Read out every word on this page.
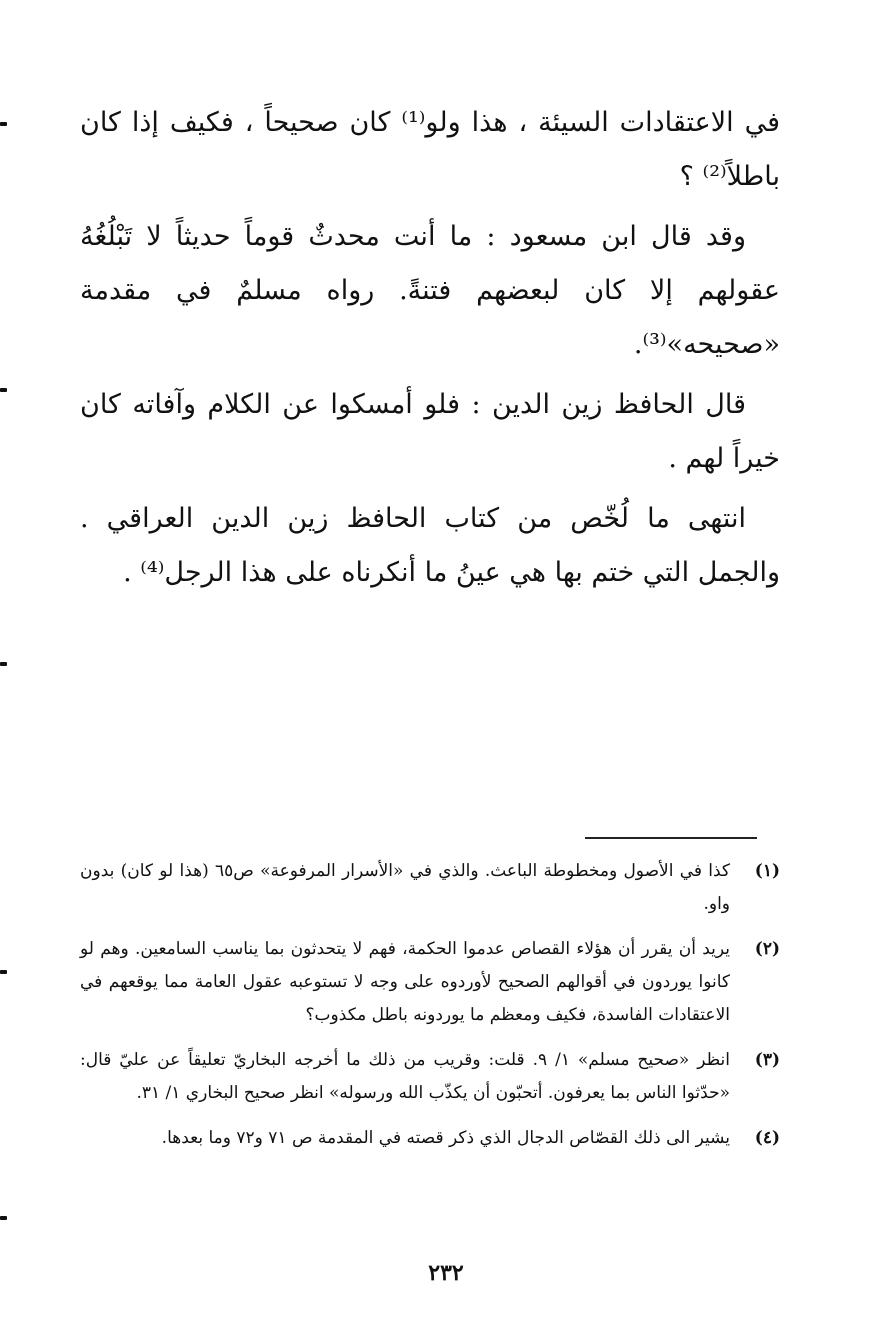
في الاعتقادات السيئة ، هذا ولو⁽¹⁾ كان صحيحاً ، فكيف إذا كان باطلاً⁽²⁾ ؟

وقد قال ابن مسعود : ما أنت محدثٌ قوماً حديثاً لا تَبْلُغُهُ عقولهم إلا كان لبعضهم فتنةً. رواه مسلمٌ في مقدمة «صحيحه»⁽³⁾.

قال الحافظ زين الدين : فلو أمسكوا عن الكلام وآفاته كان خيراً لهم .

انتهى ما لُخّص من كتاب الحافظ زين الدين العراقي . والجمل التي ختم بها هي عينُ ما أنكرناه على هذا الرجل⁽⁴⁾ .

(١)
كذا في الأصول ومخطوطة الباعث. والذي في «الأسرار المرفوعة» ص٦٥ (هذا لو كان) بدون واو.
(٢)
يريد أن يقرر أن هؤلاء القصاص عدموا الحكمة، فهم لا يتحدثون بما يناسب السامعين. وهم لو كانوا يوردون في أقوالهم الصحيح لأوردوه على وجه لا تستوعبه عقول العامة مما يوقعهم في الاعتقادات الفاسدة، فكيف ومعظم ما يوردونه باطل مكذوب؟
(٣)
انظر «صحيح مسلم» ١/ ٩. قلت: وقريب من ذلك ما أخرجه البخاريّ تعليقاً عن عليّ قال: «حدّثوا الناس بما يعرفون. أتحبّون أن يكذّب الله ورسوله» انظر صحيح البخاري ١/ ٣١.
(٤)
يشير الى ذلك القصّاص الدجال الذي ذكر قصته في المقدمة ص ٧١ و٧٢ وما بعدها.
٢٣٢
